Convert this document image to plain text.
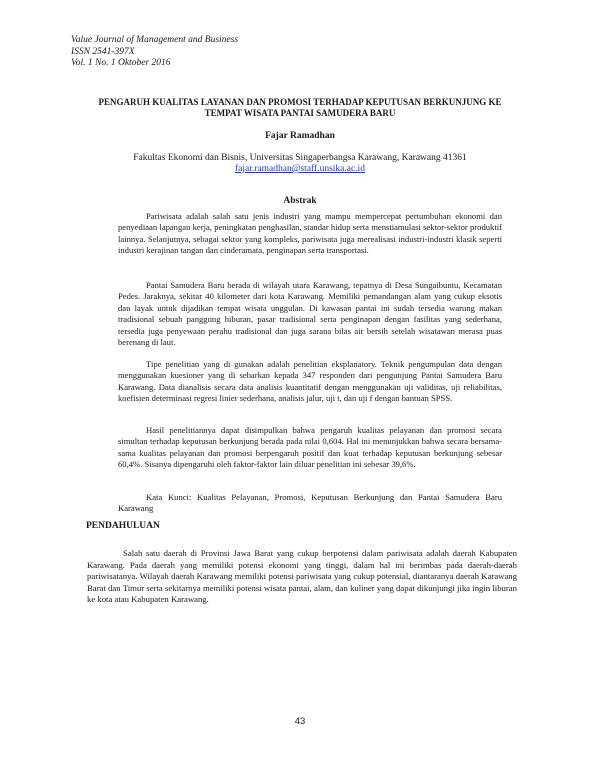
Value Journal of Management and Business
ISSN 2541-397X
Vol. 1 No. 1 Oktober 2016
PENGARUH KUALITAS LAYANAN DAN PROMOSI TERHADAP KEPUTUSAN BERKUNJUNG KE
TEMPAT WISATA PANTAI SAMUDERA BARU
Fajar Ramadhan
Fakultas Ekonomi dan Bisnis, Universitas Singaperbangsa Karawang, Karawang 41361
fajar.ramadhan@staff.unsika.ac.id
Abstrak

Pariwisata adalah salah satu jenis industri yang mampu mempercepat pertumbuhan ekonomi dan penyediaan lapangan kerja, peningkatan penghasilan, standar hidup serta menstiamulasi sektor-sektor produktif lainnya. Selanjutnya, sebagai sektor yang kompleks, pariwisata juga merealisasi industri-industri klasik seperti industri kerajinan tangan dan cinderamata, penginapan serta transportasi.

Pantai Samudera Baru berada di wilayah utara Karawang, tepatnya di Desa Sungaibuntu, Kecamatan Pedes. Jaraknya, sekitar 40 kilometer dari kota Karawang. Memiliki pemandangan alam yang cukup eksotis dan layak untuk dijadikan tempat wisata unggulan. Di kawasan pantai ini sudah tersedia warung makan tradisional sebuah panggung hiburan, pasar tradisional serta penginapan dengan fasilitas yang sederhana, tersedia juga penyewaan perahu tradisional dan juga sarana bilas air bersih setelah wisatawan merasa puas berenang di laut.

Tipe penelitian yang di gunakan adalah penelitian eksplanatory. Teknik pengumpulan data dengan menggunakan kuesioner yang di sebarkan kepada 347 responden dari pengunjung Pantai Samudera Baru Karawang. Data dianalisis secara data analisis kuantitatif dengan menggunakan uji validitas, uji reliabilitas, koefisien determinasi regresi linier sederhana, analisis jalur, uji t, dan uji f dengan bantuan SPSS.

Hasil penelitiannya dapat disimpulkan bahwa pengaruh kualitas pelayanan dan promosi secara simultan terhadap keputusan berkunjung berada pada nilai 0,604. Hal ini menunjukkan bahwa secara bersama-sama kualitas pelayanan dan promosi berpengaruh positif dan kuat terhadap keputusan berkunjung sebesar 60,4%. Sisanya dipengaruhi oleh faktor-faktor lain diluar penelitian ini sebesar 39,6%.

Kata Kunci: Kualitas Pelayanan, Promosi, Keputusan Berkunjung dan Pantai Samudera Baru Karawang

PENDAHULUAN

Salah satu daerah di Provinsi Jawa Barat yang cukup berpotensi dalam pariwisata adalah daerah Kabupaten Karawang. Pada daerah yang memiliki potensi ekonomi yang tinggi, dalam hal ini berimbas pada daerah-daerah pariwisatanya. Wilayah daerah Karawang memiliki potensi pariwisata yang cukup potensial, diantaranya daerah Karawang Barat dan Timur serta sekitarnya memiliki potensi wisata pantai, alam, dan kuliner yang dapat dikunjungi jika ingin liburan ke kota atau Kabupaten Karawang.

43
